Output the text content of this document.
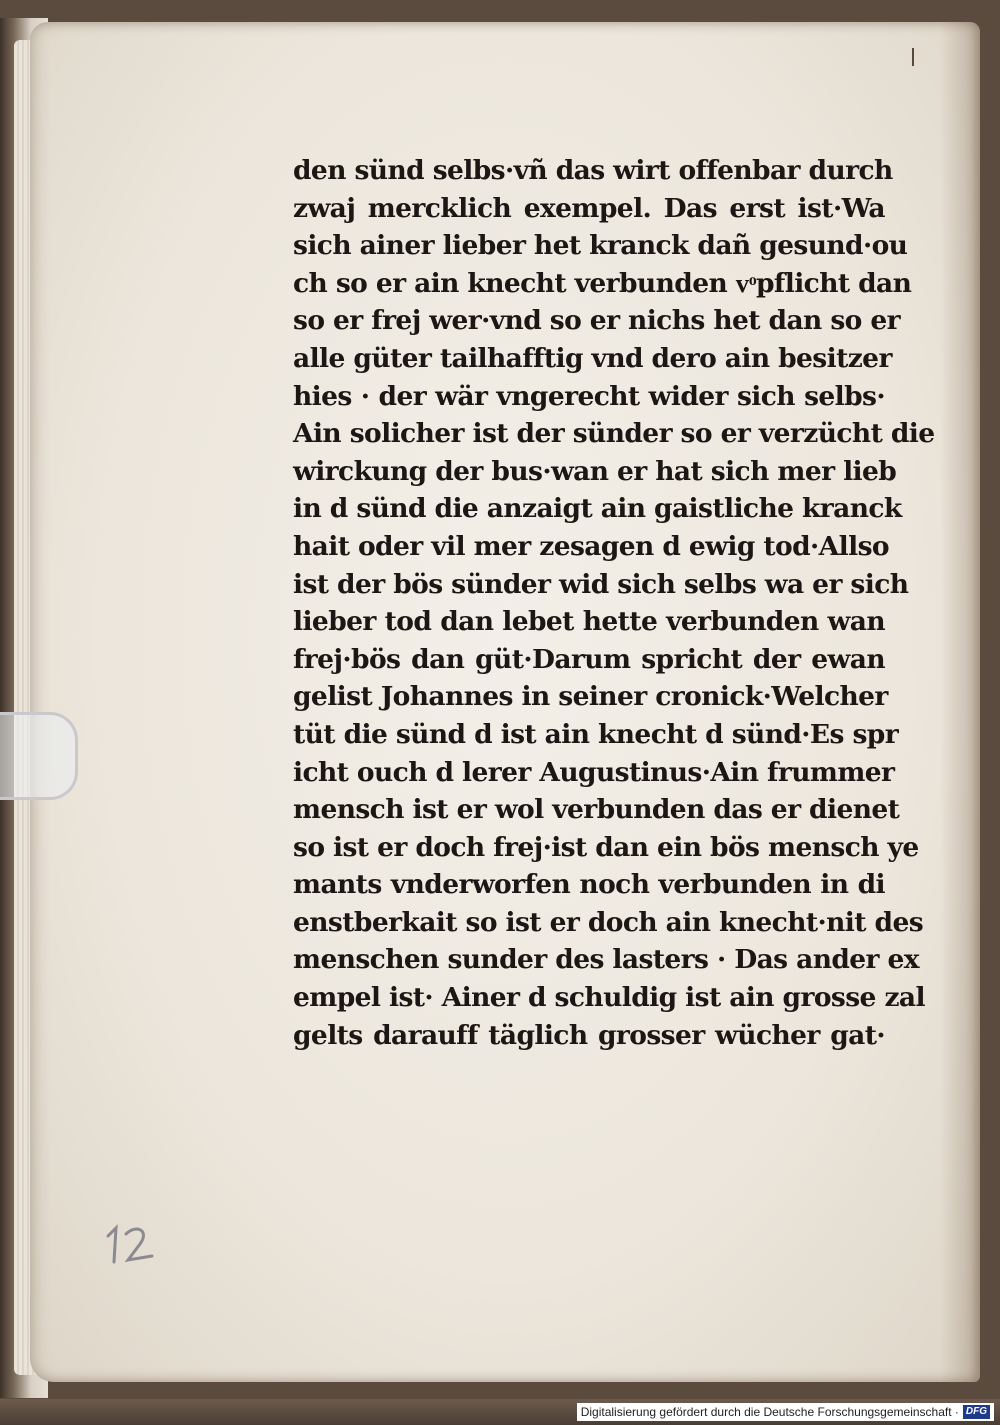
den sünd selbs·vñ das wirt offenbar durch
zwaj mercklich exempel. Das erst ist·Wa
sich ainer lieber het kranck dañ gesund·ou
ch so er ain knecht verbunden vͦpflicht dan
so er frej wer·vnd so er nichs het dan so er
alle güter tailhafftig vnd dero ain besitzer
hies · der wär vngerecht wider sich selbs·
Ain solicher ist der sünder so er verzücht die
wirckung der bus·wan er hat sich mer lieb
in d sünd die anzaigt ain gaistliche kranck
hait oder vil mer zesagen d ewig tod·Allso
ist der bös sünder wid sich selbs wa er sich
lieber tod dan lebet hette verbunden wan
frej·bös dan güt·Darum spricht der ewan
gelist Johannes in seiner cronick·Welcher
tüt die sünd d ist ain knecht d sünd·Es spr
icht ouch d lerer Augustinus·Ain frummer
mensch ist er wol verbunden das er dienet
so ist er doch frej·ist dan ein bös mensch ye
mants vnderworfen noch verbunden in di
enstberkait so ist er doch ain knecht·nit des
menschen sunder des lasters · Das ander ex
empel ist· Ainer d schuldig ist ain grosse zal
gelts darauff täglich grosser wücher gat·
Digitalisierung gefördert durch die Deutsche Forschungsgemeinschaft · DFG
